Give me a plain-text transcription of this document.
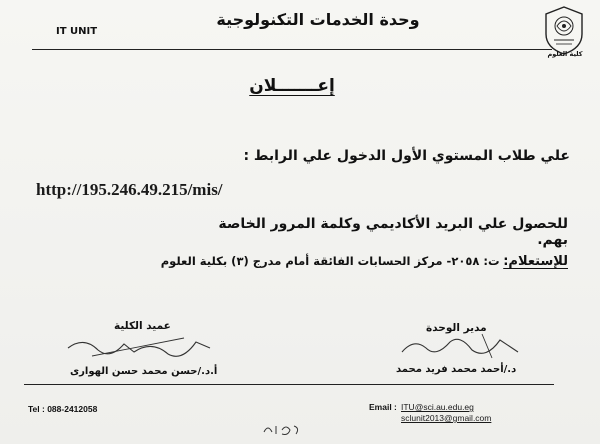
IT UNIT
وحدة الخدمات التكنولوجية
كلية العلوم
إعـــــــلان
علي طلاب المستوي الأول الدخول علي الرابط :
http://195.246.49.215/mis/
للحصول علي البريد الأكاديمي وكلمة المرور الخاصة بهم.
للإستعلام: ت: ٢٠٥٨- مركز الحسابات الفائقة أمام مدرج (٣) بكلية العلوم
عميد الكلية
أ.د./حسن محمد حسن الهوارى
مدير الوحدة
د./أحمد محمد فريد محمد
Tel : 088-2412058	Email : ITU@sci.au.edu.eg
sclunit2013@gmail.com
